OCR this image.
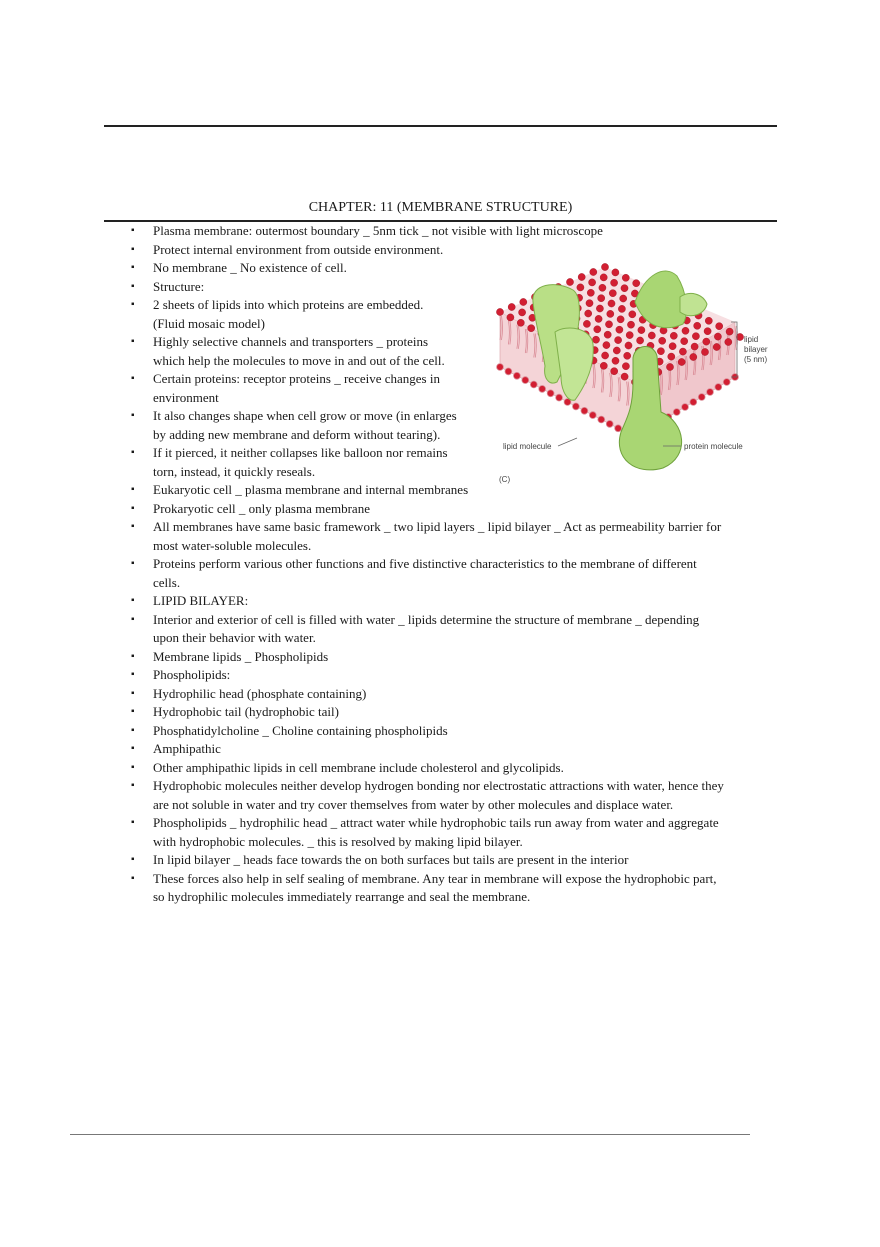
CHAPTER: 11 (MEMBRANE STRUCTURE)
▪ Plasma membrane: outermost boundary _ 5nm tick _ not visible with light microscope
▪ Protect internal environment from outside environment.
▪ No membrane _ No existence of cell.
▪ Structure:
▪ 2 sheets of lipids into which proteins are embedded. (Fluid mosaic model)
▪ Highly selective channels and transporters _ proteins which help the molecules to move in and out of the cell.
▪ Certain proteins: receptor proteins _ receive changes in environment
▪ It also changes shape when cell grow or move (in enlarges by adding new membrane and deform without tearing).
▪ If it pierced, it neither collapses like balloon nor remains torn, instead, it quickly reseals.
▪ Eukaryotic cell _ plasma membrane and internal membranes
▪ Prokaryotic cell _ only plasma membrane
▪ All membranes have same basic framework _ two lipid layers _ lipid bilayer _ Act as permeability barrier for most water-soluble molecules.
▪ Proteins perform various other functions and five distinctive characteristics to the membrane of different cells.
▪ LIPID BILAYER:
▪ Interior and exterior of cell is filled with water _ lipids determine the structure of membrane _ depending upon their behavior with water.
▪ Membrane lipids _ Phospholipids
▪ Phospholipids:
▪ Hydrophilic head (phosphate containing)
▪ Hydrophobic tail (hydrophobic tail)
▪ Phosphatidylcholine _ Choline containing phospholipids
▪ Amphipathic
▪ Other amphipathic lipids in cell membrane include cholesterol and glycolipids.
▪ Hydrophobic molecules neither develop hydrogen bonding nor electrostatic attractions with water, hence they are not soluble in water and try cover themselves from water by other molecules and displace water.
▪ Phospholipids _ hydrophilic head _ attract water while hydrophobic tails run away from water and aggregate with hydrophobic molecules. _ this is resolved by making lipid bilayer.
▪ In lipid bilayer _ heads face towards the on both surfaces but tails are present in the interior
▪ These forces also help in self sealing of membrane. Any tear in membrane will expose the hydrophobic part, so hydrophilic molecules immediately rearrange and seal the membrane.
lipid
bilayer
(5 nm)
lipid molecule	protein molecule
(C)
